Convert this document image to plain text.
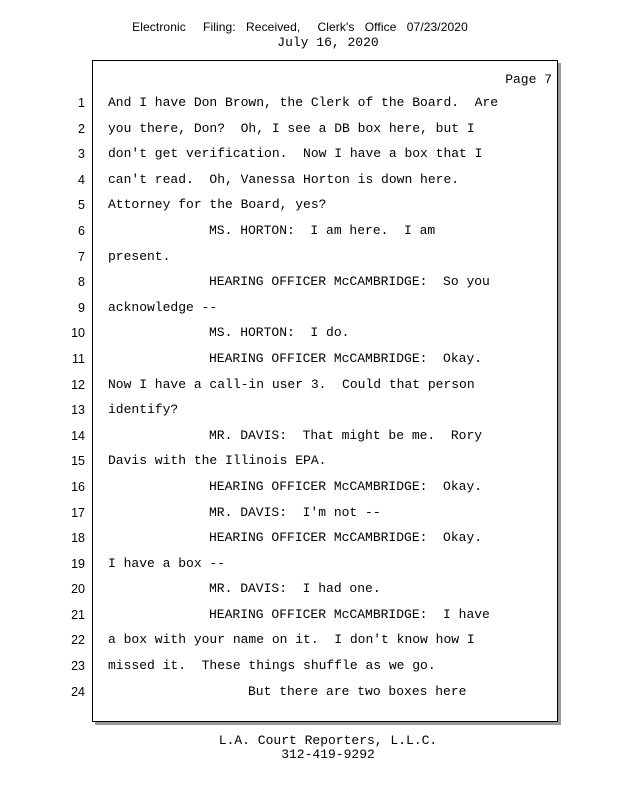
Electronic     Filing:   Received,     Clerk's   Office   07/23/2020
July 16, 2020
Page 7
1
2
3
4
5
6
7
8
9
10
11
12
13
14
15
16
17
18
19
20
21
22
23
24
And I have Don Brown, the Clerk of the Board.  Are
you there, Don?  Oh, I see a DB box here, but I
don't get verification.  Now I have a box that I
can't read.  Oh, Vanessa Horton is down here.
Attorney for the Board, yes?
MS. HORTON:  I am here.  I am
present.
HEARING OFFICER McCAMBRIDGE:  So you
acknowledge --
MS. HORTON:  I do.
HEARING OFFICER McCAMBRIDGE:  Okay.
Now I have a call-in user 3.  Could that person
identify?
MR. DAVIS:  That might be me.  Rory
Davis with the Illinois EPA.
HEARING OFFICER McCAMBRIDGE:  Okay.
MR. DAVIS:  I'm not --
HEARING OFFICER McCAMBRIDGE:  Okay.
I have a box --
MR. DAVIS:  I had one.
HEARING OFFICER McCAMBRIDGE:  I have
a box with your name on it.  I don't know how I
missed it.  These things shuffle as we go.
But there are two boxes here
L.A. Court Reporters, L.L.C.
312-419-9292
